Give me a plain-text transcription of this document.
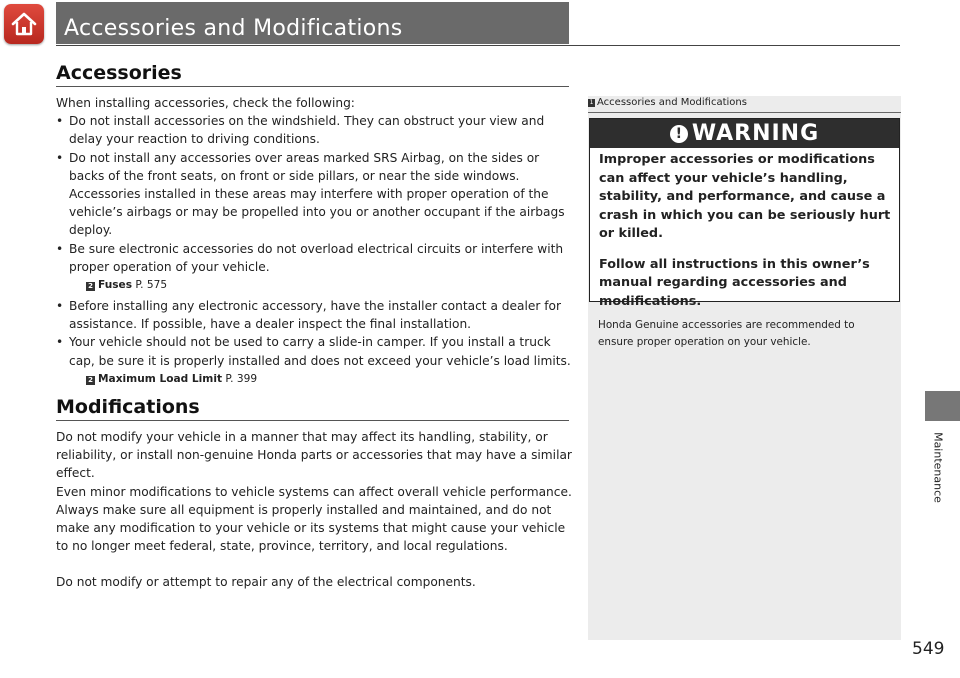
Accessories and Modifications
Accessories

When installing accessories, check the following:

• Do not install accessories on the windshield. They can obstruct your view and delay your reaction to driving conditions.
• Do not install any accessories over areas marked SRS Airbag, on the sides or backs of the front seats, on front or side pillars, or near the side windows. Accessories installed in these areas may interfere with proper operation of the vehicle’s airbags or may be propelled into you or another occupant if the airbags deploy.
• Be sure electronic accessories do not overload electrical circuits or interfere with proper operation of your vehicle.
2 Fuses P. 575
• Before installing any electronic accessory, have the installer contact a dealer for assistance. If possible, have a dealer inspect the final installation.
• Your vehicle should not be used to carry a slide-in camper. If you install a truck cap, be sure it is properly installed and does not exceed your vehicle’s load limits.
2 Maximum Load Limit P. 399
Modifications

Do not modify your vehicle in a manner that may affect its handling, stability, or reliability, or install non-genuine Honda parts or accessories that may have a similar effect.

Even minor modifications to vehicle systems can affect overall vehicle performance. Always make sure all equipment is properly installed and maintained, and do not make any modification to your vehicle or its systems that might cause your vehicle to no longer meet federal, state, province, territory, and local regulations.

Do not modify or attempt to repair any of the electrical components.

1 Accessories and Modifications
! WARNING

Improper accessories or modifications can affect your vehicle’s handling, stability, and performance, and cause a crash in which you can be seriously hurt or killed.

Follow all instructions in this owner’s manual regarding accessories and modifications.

Honda Genuine accessories are recommended to ensure proper operation on your vehicle.
Maintenance
549
